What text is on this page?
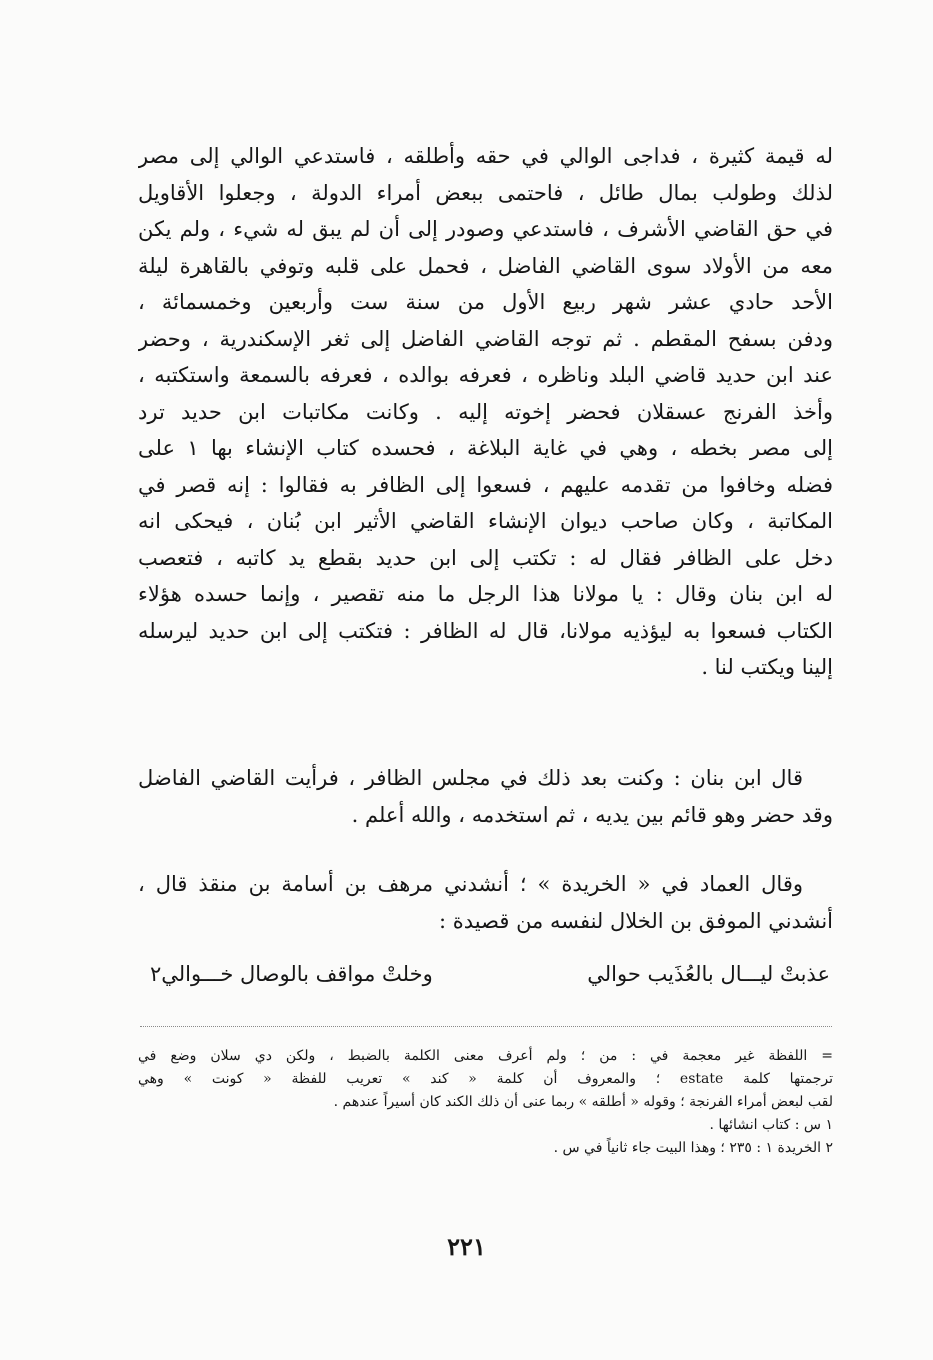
له قيمة كثيرة ، فداجى الوالي في حقه وأطلقه ، فاستدعي الوالي إلى مصر
لذلك وطولب بمال طائل ، فاحتمى ببعض أمراء الدولة ، وجعلوا الأقاويل
في حق القاضي الأشرف ، فاستدعي وصودر إلى أن لم يبق له شيء ، ولم يكن
معه من الأولاد سوى القاضي الفاضل ، فحمل على قلبه وتوفي بالقاهرة ليلة
الأحد حادي عشر شهر ربيع الأول من سنة ست وأربعين وخمسمائة ،
ودفن بسفح المقطم . ثم توجه القاضي الفاضل إلى ثغر الإسكندرية ، وحضر
عند ابن حديد قاضي البلد وناظره ، فعرفه بوالده ، فعرفه بالسمعة واستكتبه ،
وأخذ الفرنج عسقلان فحضر إخوته إليه . وكانت مكاتبات ابن حديد ترد
إلى مصر بخطه ، وهي في غاية البلاغة ، فحسده كتاب الإنشاء بها ١ على
فضله وخافوا من تقدمه عليهم ، فسعوا إلى الظافر به فقالوا : إنه قصر في
المكاتبة ، وكان صاحب ديوان الإنشاء القاضي الأثير ابن بُنان ، فيحكى انه
دخل على الظافر فقال له : تكتب إلى ابن حديد بقطع يد كاتبه ، فتعصب
له ابن بنان وقال : يا مولانا هذا الرجل ما منه تقصير ، وإنما حسده هؤلاء
الكتاب فسعوا به ليؤذيه مولانا، قال له الظافر : فتكتب إلى ابن حديد ليرسله
إلينا ويكتب لنا .
قال ابن بنان : وكنت بعد ذلك في مجلس الظافر ، فرأيت القاضي الفاضل
وقد حضر وهو قائم بين يديه ، ثم استخدمه ، والله أعلم .
وقال العماد في « الخريدة » ؛ أنشدني مرهف بن أسامة بن منقذ قال ،
أنشدني الموفق بن الخلال لنفسه من قصيدة :
عذبتْ ليـــال بالعُذَيب حوالي
وخلتْ مواقف بالوصال خـــوالي٢
= اللفظة غير معجمة في : من ؛ ولم أعرف معنى الكلمة بالضبط ، ولكن دي سلان وضع في
ترجمتها كلمة estate ؛ والمعروف أن كلمة « كند » تعريب للفظة « كونت » وهي
لقب لبعض أمراء الفرنجة ؛ وقوله « أطلقه » ربما عنى أن ذلك الكند كان أسيراً عندهم .
١ س : كتاب انشائها .
٢ الخريدة ١ : ٢٣٥ ؛ وهذا البيت جاء ثانياً في س .
٢٢١
